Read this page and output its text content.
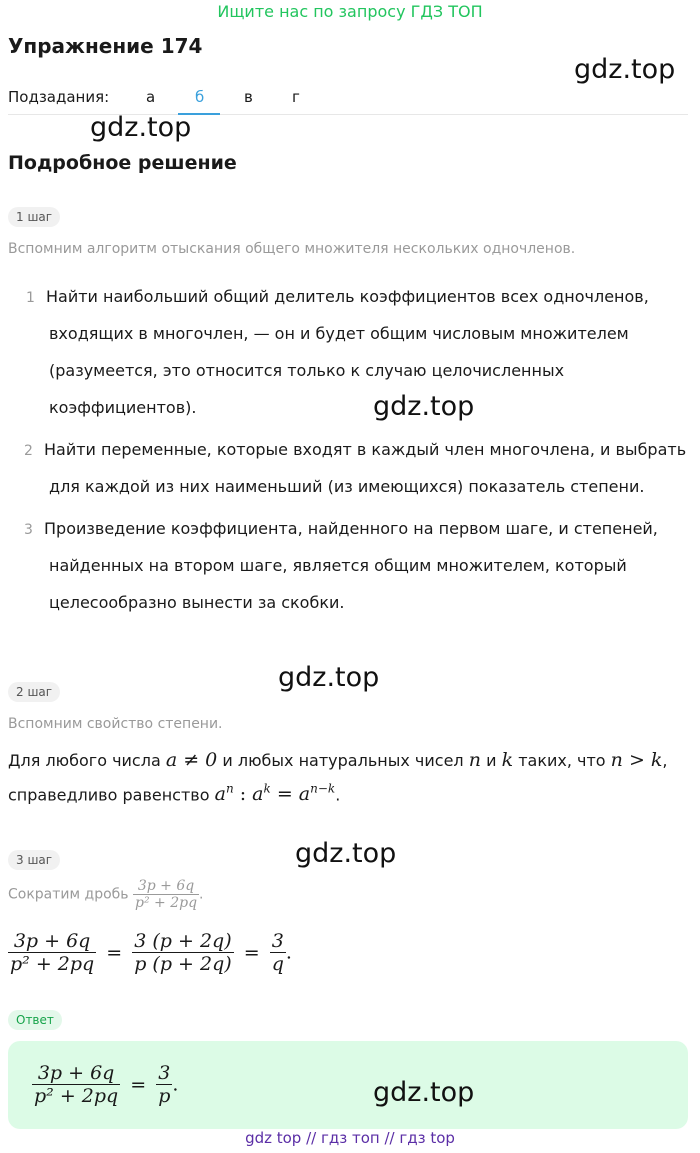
Ищите нас по запросу ГДЗ ТОП
Упражнение 174
gdz.top
Подзадания: а	б	в	г
gdz.top
Подробное решение
1 шаг
Вспомним алгоритм отыскания общего множителя нескольких одночленов.
1 Найти наибольший общий делитель коэффициентов всех одночленов,
входящих в многочлен, — он и будет общим числовым множителем
(разумеется, это относится только к случаю целочисленных
коэффициентов).	gdz.top
2 Найти переменные, которые входят в каждый член многочлена, и выбрать
для каждой из них наименьший (из имеющихся) показатель степени.
3 Произведение коэффициента, найденного на первом шаге, и степеней,
найденных на втором шаге, является общим множителем, который
целесообразно вынести за скобки.
gdz.top
2 шаг
Вспомним свойство степени.
Для любого числа a ≠ 0 и любых натуральных чисел n и k таких, что n > k,
справедливо равенство $a^n$ : $a^k = a^{n-k}$.
gdz.top
3 шаг
Сократим дробь $\frac{3p + 6q}{\text{p² + 2pq}}$ .
$\frac{3p + 6q}{\text{p² + 2pq}} = \frac{3 (p + 2q)}{p (p + 2q)} = \frac{3}{q}$ .
Ответ
$\frac{3p + 6q}{\text{p² + 2pq}} = \frac{3}{p}$ .	gdz.top
gdz top // гдз топ // гдз top
